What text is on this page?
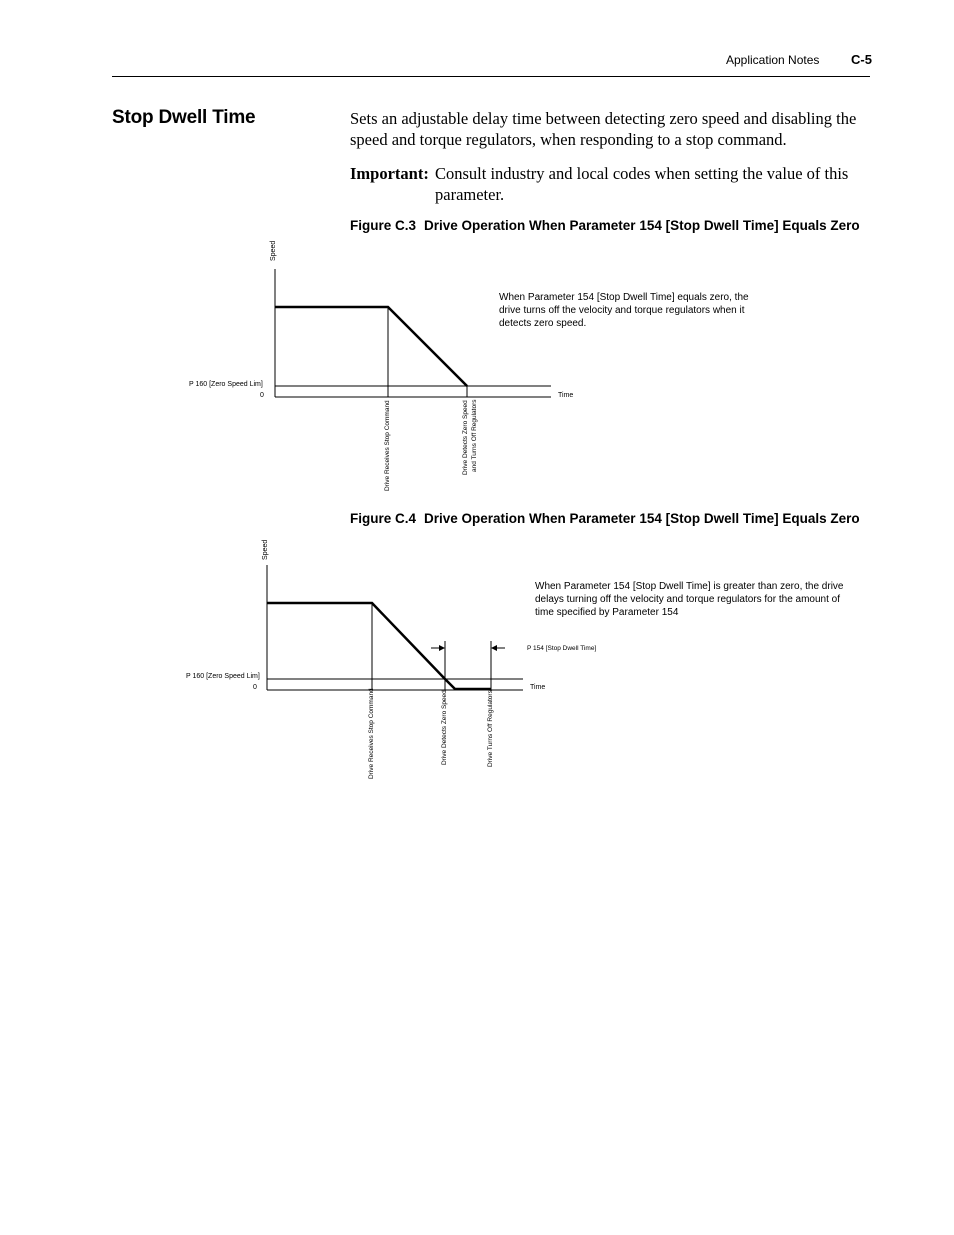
Application Notes C-5
Stop Dwell Time	Sets an adjustable delay time between detecting zero speed and disabling the speed and torque regulators, when responding to a stop command.
Important: Consult industry and local codes when setting the value of this parameter.
Figure C.3 Drive Operation When Parameter 154 [Stop Dwell Time] Equals Zero
Speed
P 160 [Zero Speed Lim]
0	Time
Drive Receives Stop Command	Drive Detects Zero Speed and Turns Off Regulators
When Parameter 154 [Stop Dwell Time] equals zero, the
drive turns off the velocity and torque regulators when it
detects zero speed.
Speed
P 160 [Zero Speed Lim]
0	Time
P 154 [Stop Dwell Time]
Drive Receives Stop Command	Drive Detects Zero Speed	Drive Turns Off Regulators
When Parameter 154 [Stop Dwell Time] is greater than zero, the drive
delays turning off the velocity and torque regulators for the amount of
time specified by Parameter 154
Figure C.4 Drive Operation When Parameter 154 [Stop Dwell Time] Equals Zero
